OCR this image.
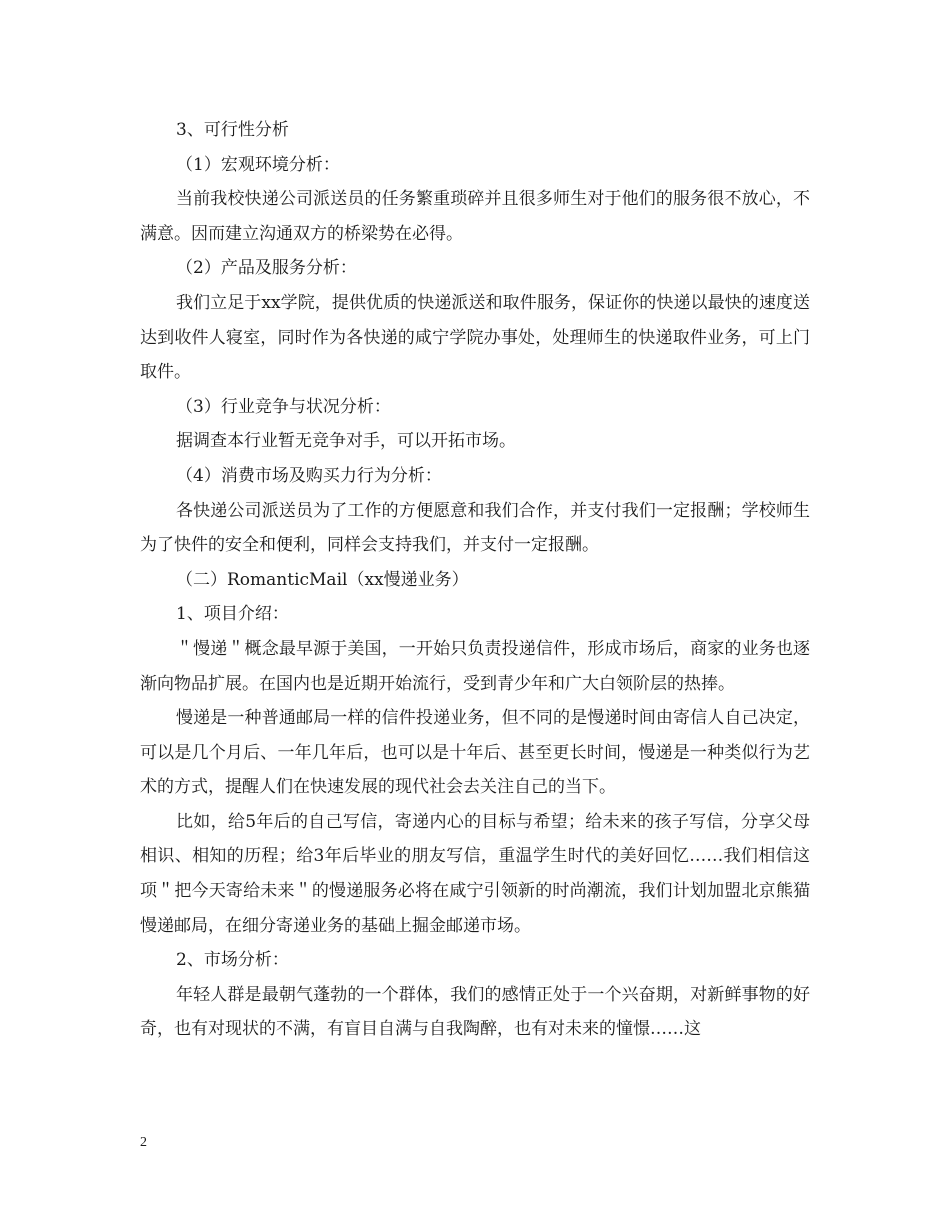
3、可行性分析

（1）宏观环境分析：

当前我校快递公司派送员的任务繁重琐碎并且很多师生对于他们的服务很不放心，不满意。因而建立沟通双方的桥梁势在必得。

（2）产品及服务分析：

我们立足于xx学院，提供优质的快递派送和取件服务，保证你的快递以最快的速度送达到收件人寝室，同时作为各快递的咸宁学院办事处，处理师生的快递取件业务，可上门取件。

（3）行业竞争与状况分析：

据调查本行业暂无竞争对手，可以开拓市场。

（4）消费市场及购买力行为分析：

各快递公司派送员为了工作的方便愿意和我们合作，并支付我们一定报酬；学校师生为了快件的安全和便利，同样会支持我们，并支付一定报酬。

（二）RomanticMail（xx慢递业务）

1、项目介绍：

＂慢递＂概念最早源于美国，一开始只负责投递信件，形成市场后，商家的业务也逐渐向物品扩展。在国内也是近期开始流行，受到青少年和广大白领阶层的热捧。

慢递是一种普通邮局一样的信件投递业务，但不同的是慢递时间由寄信人自己决定，可以是几个月后、一年几年后，也可以是十年后、甚至更长时间，慢递是一种类似行为艺术的方式，提醒人们在快速发展的现代社会去关注自己的当下。

比如，给5年后的自己写信，寄递内心的目标与希望；给未来的孩子写信，分享父母相识、相知的历程；给3年后毕业的朋友写信，重温学生时代的美好回忆……我们相信这项＂把今天寄给未来＂的慢递服务必将在咸宁引领新的时尚潮流，我们计划加盟北京熊猫慢递邮局，在细分寄递业务的基础上掘金邮递市场。

2、市场分析：

年轻人群是最朝气蓬勃的一个群体，我们的感情正处于一个兴奋期，对新鲜事物的好奇，也有对现状的不满，有盲目自满与自我陶醉，也有对未来的憧憬……这

2
